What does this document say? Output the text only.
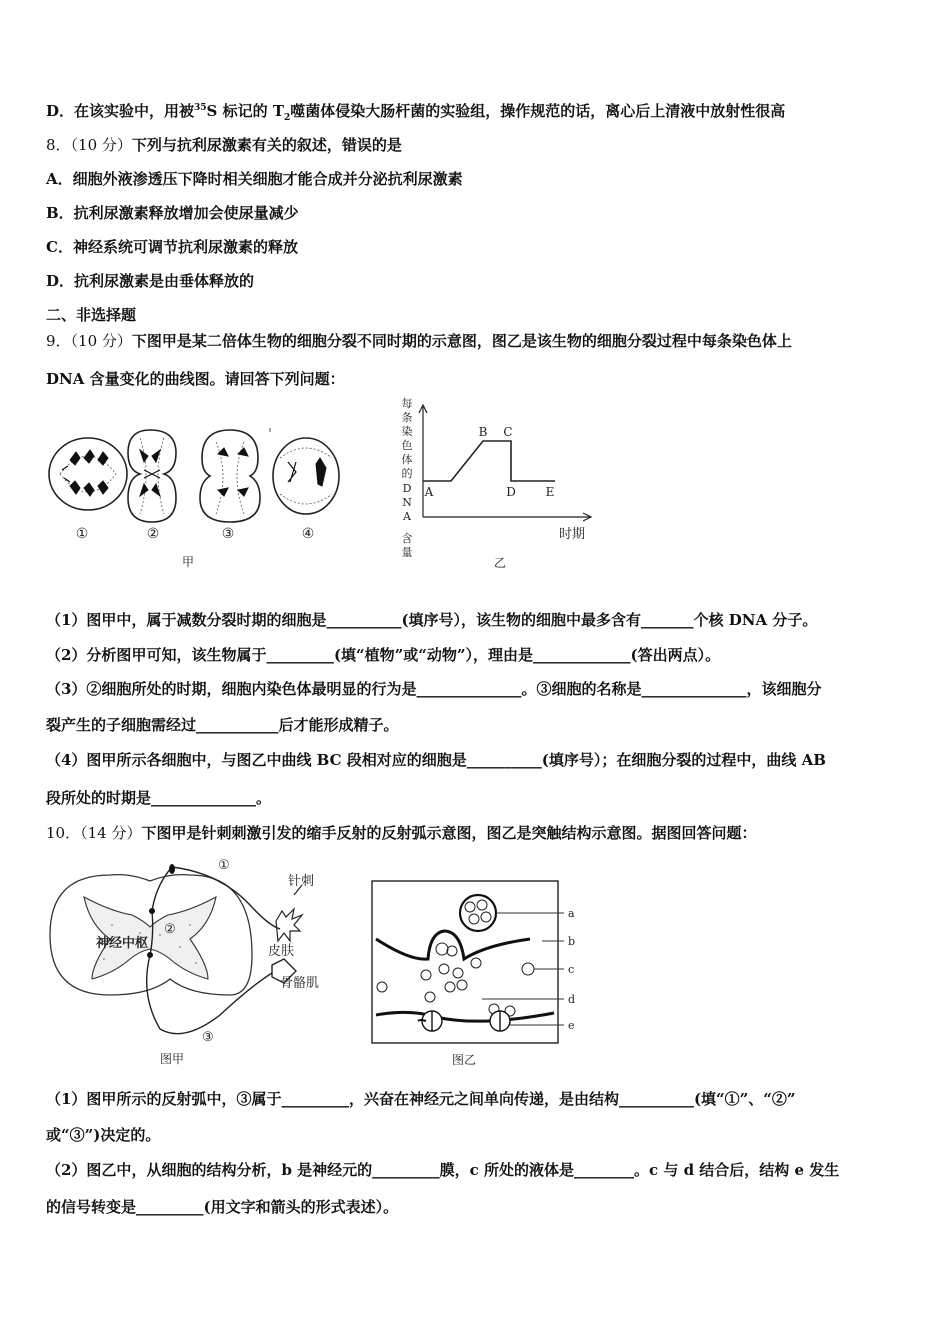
D．在该实验中，用被$^{35}$S 标记的 $T_2$噬菌体侵染大肠杆菌的实验组，操作规范的话，离心后上清液中放射性很高
8．（10 分）下列与抗利尿激素有关的叙述，错误的是
A．细胞外液渗透压下降时相关细胞才能合成并分泌抗利尿激素
B．抗利尿激素释放增加会使尿量减少
C．神经系统可调节抗利尿激素的释放
D．抗利尿激素是由垂体释放的
二、非选择题
9．（10 分）下图甲是某二倍体生物的细胞分裂不同时期的示意图，图乙是该生物的细胞分裂过程中每条染色体上
DNA 含量变化的曲线图。请回答下列问题：
①	②	③	④
甲
每
条
染
色
体
的
D
N
A
含
量
A
B C
D E
时期
乙
（1）图甲中，属于减数分裂时期的细胞是__________(填序号），该生物的细胞中最多含有_______个核 DNA 分子。
（2）分析图甲可知，该生物属于_________(填“植物”或“动物”），理由是_____________(答出两点）。
（3）②细胞所处的时期，细胞内染色体最明显的行为是______________。③细胞的名称是______________，该细胞分
裂产生的子细胞需经过___________后才能形成精子。
（4）图甲所示各细胞中，与图乙中曲线 BC 段相对应的细胞是__________(填序号）；在细胞分裂的过程中，曲线 AB
段所处的时期是______________。
10．（14 分）下图甲是针刺刺激引发的缩手反射的反射弧示意图，图乙是突触结构示意图。据图回答问题：
①
②
③
针刺
皮肤
骨骼肌
神经中枢
图甲
a
b
c
d
e
图乙
（1）图甲所示的反射弧中，③属于_________，兴奋在神经元之间单向传递，是由结构__________(填“①”、“②”
或“③”)决定的。
（2）图乙中，从细胞的结构分析，b 是神经元的_________膜，c 所处的液体是________。c 与 d 结合后，结构 e 发生
的信号转变是_________(用文字和箭头的形式表述）。
